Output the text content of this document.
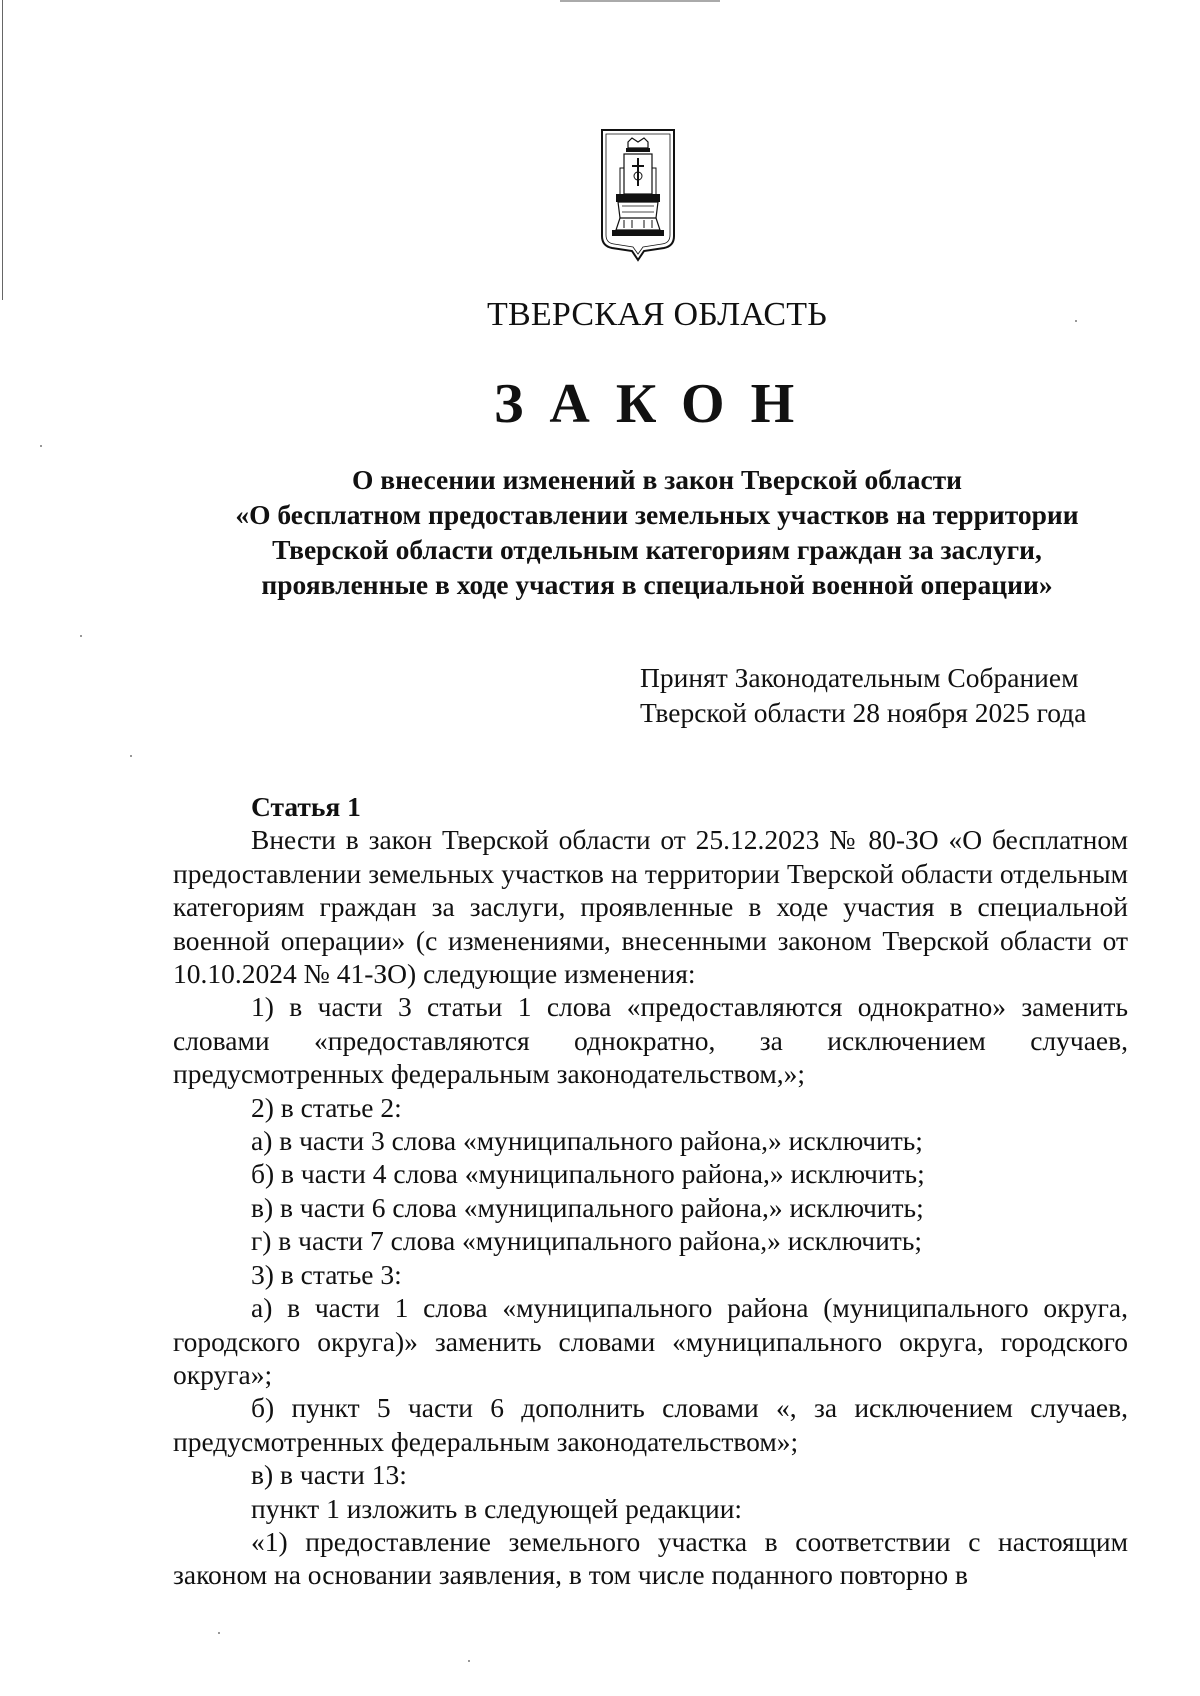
ТВЕРСКАЯ ОБЛАСТЬ
ЗАКОН
О внесении изменений в закон Тверской области
«О бесплатном предоставлении земельных участков на территории
Тверской области отдельным категориям граждан за заслуги,
проявленные в ходе участия в специальной военной операции»
Принят Законодательным Собранием
Тверской области 28 ноября 2025 года
Статья 1

Внести в закон Тверской области от 25.12.2023 № 80-ЗО «О бесплатном предоставлении земельных участков на территории Тверской области отдельным категориям граждан за заслуги, проявленные в ходе участия в специальной военной операции» (с изменениями, внесенными законом Тверской области от 10.10.2024 № 41-ЗО) следующие изменения:

1) в части 3 статьи 1 слова «предоставляются однократно» заменить словами «предоставляются однократно, за исключением случаев, предусмотренных федеральным законодательством,»;

2) в статье 2:

а) в части 3 слова «муниципального района,» исключить;

б) в части 4 слова «муниципального района,» исключить;

в) в части 6 слова «муниципального района,» исключить;

г) в части 7 слова «муниципального района,» исключить;

3) в статье 3:

а) в части 1 слова «муниципального района (муниципального округа, городского округа)» заменить словами «муниципального округа, городского округа»;

б) пункт 5 части 6 дополнить словами «, за исключением случаев, предусмотренных федеральным законодательством»;

в) в части 13:

пункт 1 изложить в следующей редакции:

«1) предоставление земельного участка в соответствии с настоящим законом на основании заявления, в том числе поданного повторно в
